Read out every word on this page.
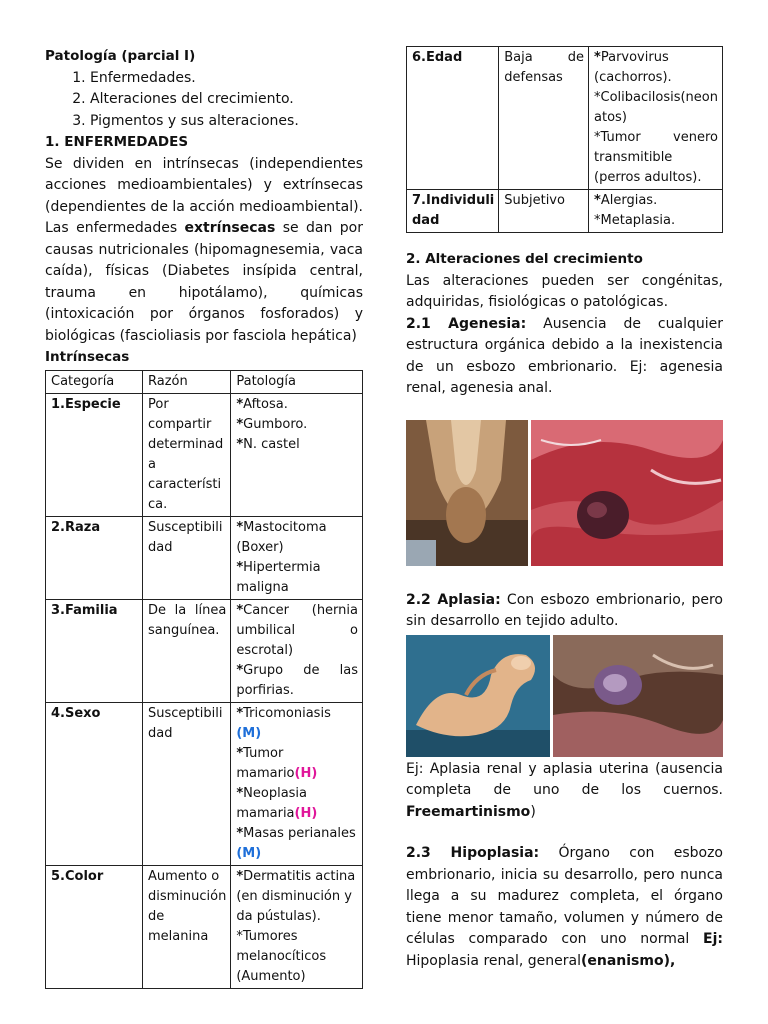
Patología (parcial I)

1. Enfermedades.
2. Alteraciones del crecimiento.
3. Pigmentos y sus alteraciones.

1. ENFERMEDADES

Se dividen en intrínsecas (independientes acciones medioambientales) y extrínsecas (dependientes de la acción medioambiental).

Las enfermedades extrínsecas se dan por causas nutricionales (hipomagnesemia, vaca caída), físicas (Diabetes insípida central, trauma en hipotálamo), químicas (intoxicación por órganos fosforados) y biológicas (fascioliasis por fasciola hepática)

Intrínsecas

Categoría	Razón	Patología
1.Especie	Por compartir determinad a característi ca.	*Aftosa.
*Gumboro.
*N. castel

2.Raza	Susceptibili dad	*Mastocitoma (Boxer)
*Hipertermia maligna

3.Familia	De la línea sanguínea.	*Cancer (hernia umbilical o escrotal)
*Grupo de las porfirias.

4.Sexo	Susceptibili dad	*Tricomoniasis (M)
*Tumor mamario(H)
*Neoplasia mamaria(H)
*Masas perianales (M)

5.Color	Aumento o disminución de melanina	*Dermatitis actina (en disminución y da pústulas).
*Tumores melanocíticos (Aumento)
6.Edad	Baja de defensas	*Parvovirus (cachorros).
*Colibacilosis(neon atos)
*Tumor venero transmitible (perros adultos).

7.Individuli dad	Subjetivo	*Alergias.
*Metaplasia.

2. Alteraciones del crecimiento

Las alteraciones pueden ser congénitas, adquiridas, fisiológicas o patológicas.

2.1 Agenesia: Ausencia de cualquier estructura orgánica debido a la inexistencia de un esbozo embrionario. Ej: agenesia renal, agenesia anal.

2.2 Aplasia: Con esbozo embrionario, pero sin desarrollo en tejido adulto.

Ej: Aplasia renal y aplasia uterina (ausencia completa de uno de los cuernos. Freemartinismo)

2.3 Hipoplasia: Órgano con esbozo embrionario, inicia su desarrollo, pero nunca llega a su madurez completa, el órgano tiene menor tamaño, volumen y número de células comparado con uno normal Ej: Hipoplasia renal, general(enanismo),
